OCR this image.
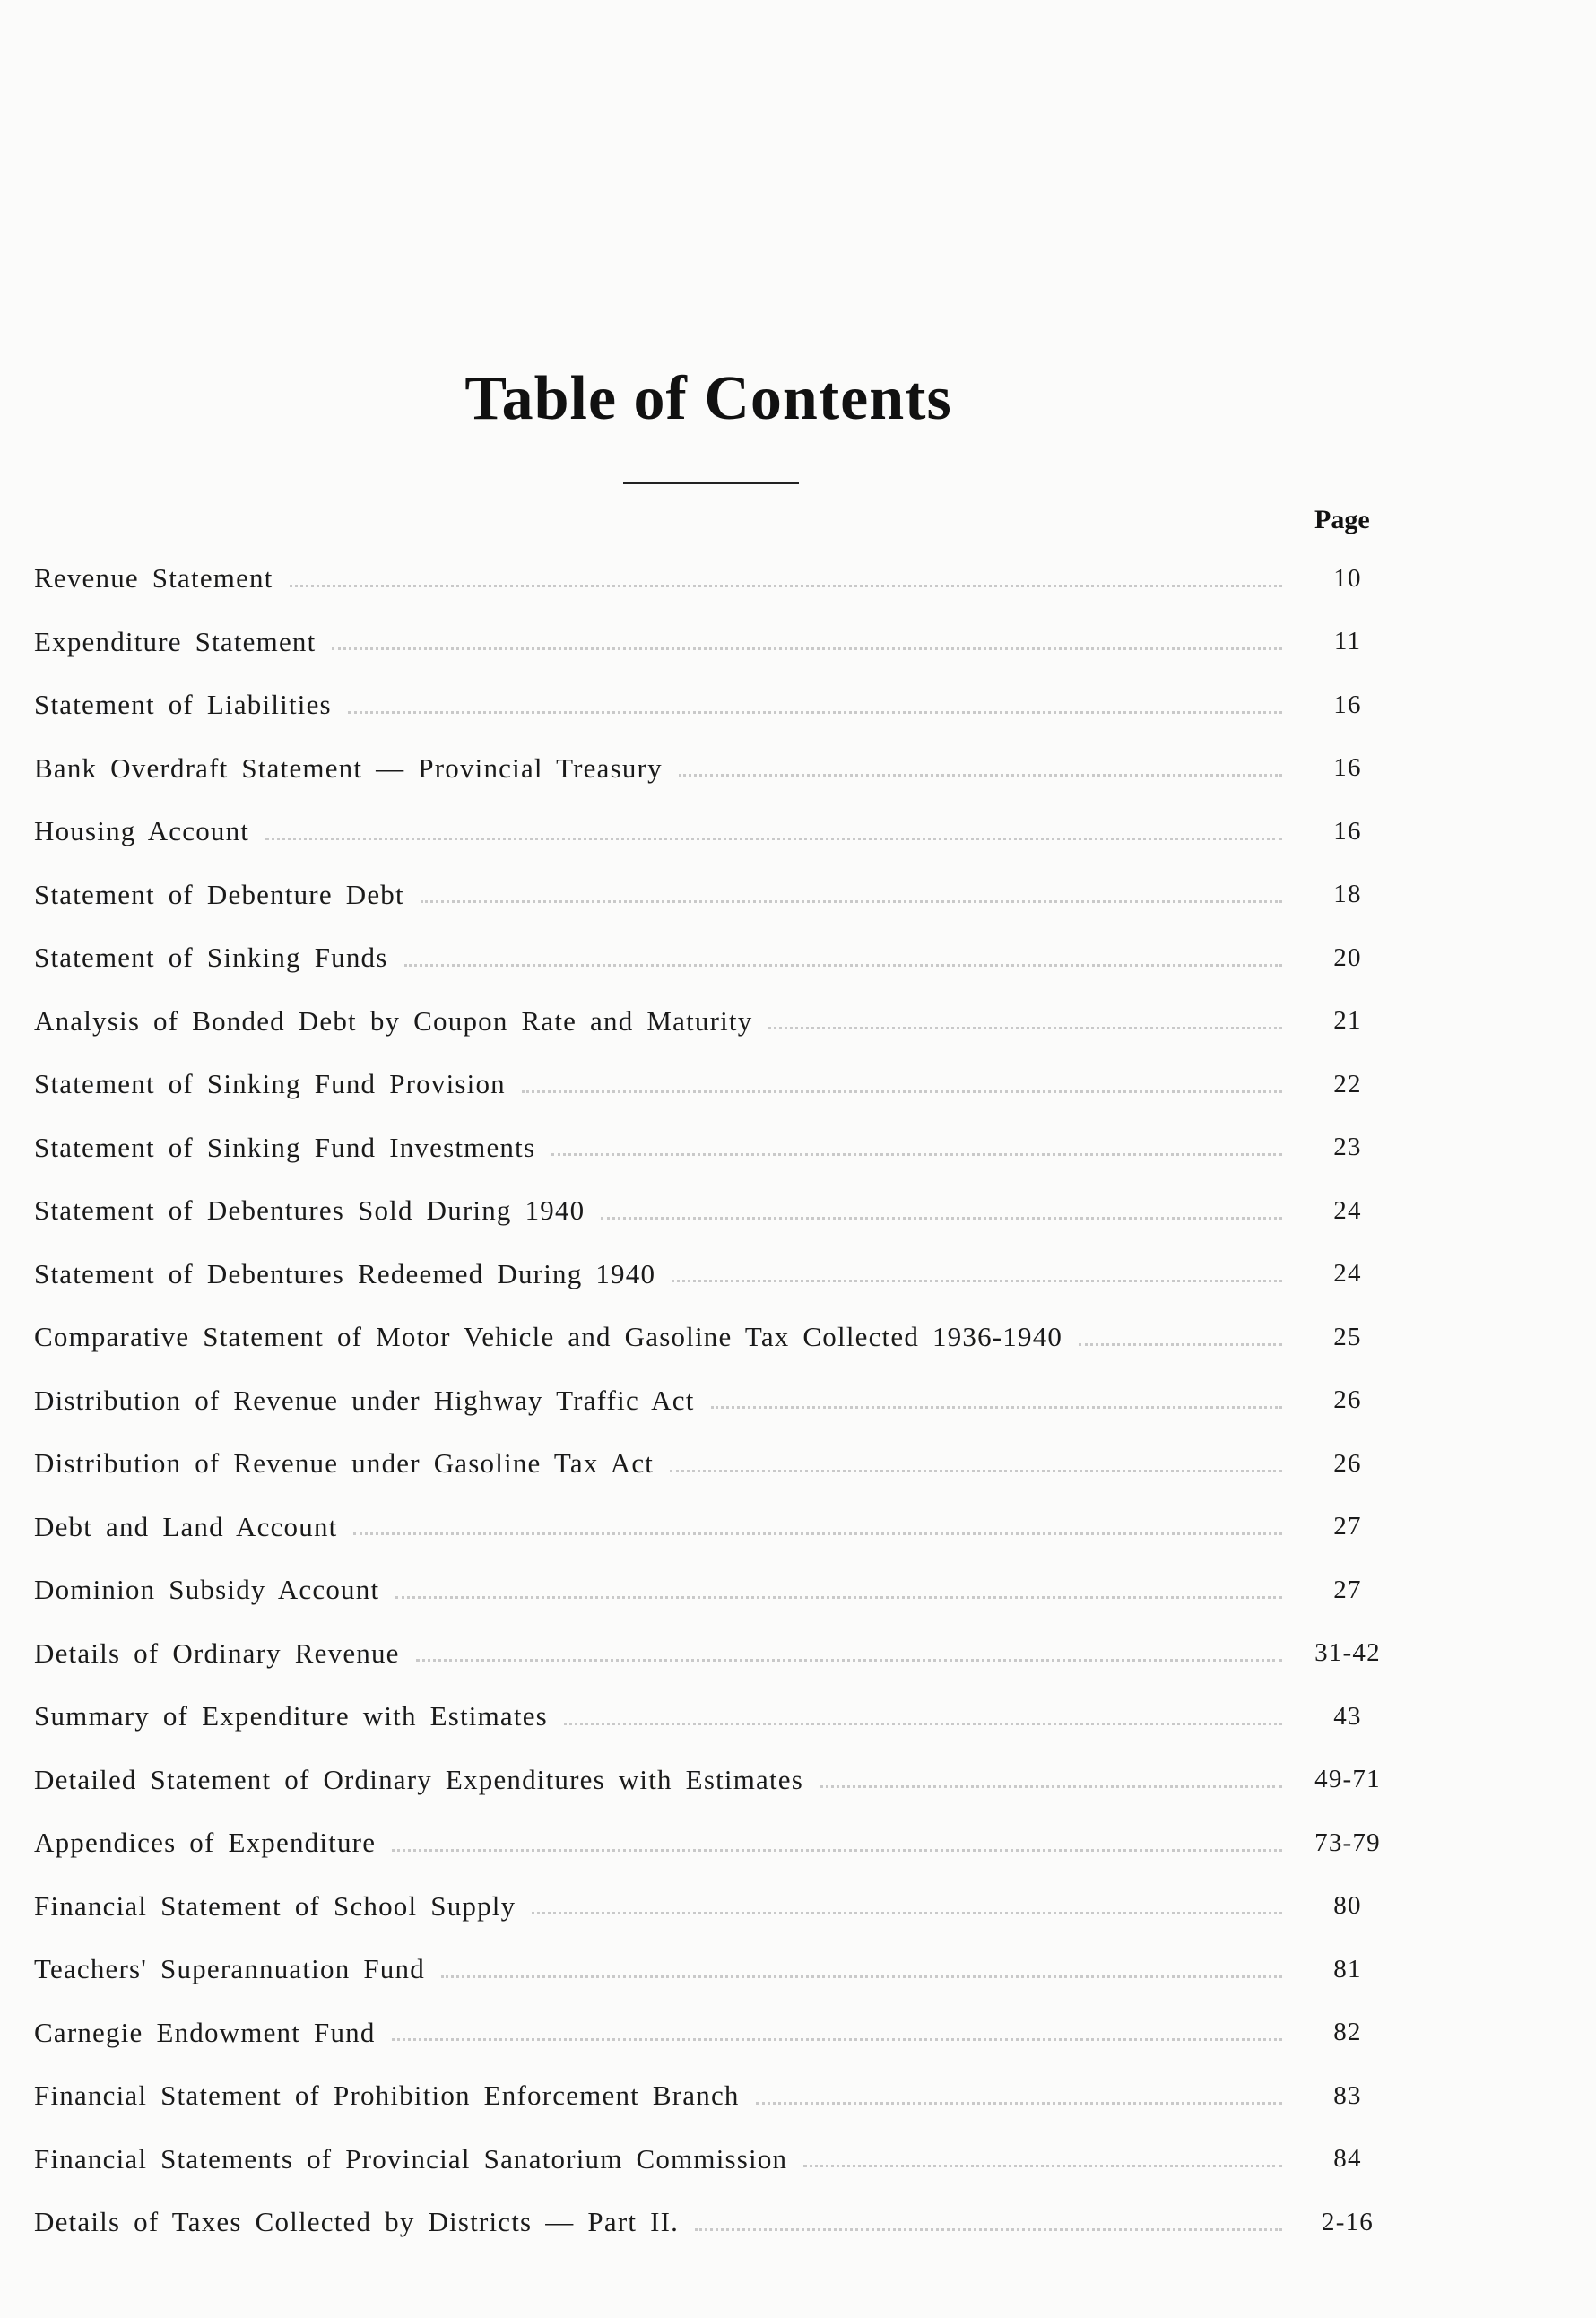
Table of Contents
Page
Revenue Statement	10
Expenditure Statement	11
Statement of Liabilities	16
Bank Overdraft Statement — Provincial Treasury	16
Housing Account	16
Statement of Debenture Debt	18
Statement of Sinking Funds	20
Analysis of Bonded Debt by Coupon Rate and Maturity	21
Statement of Sinking Fund Provision	22
Statement of Sinking Fund Investments	23
Statement of Debentures Sold During 1940	24
Statement of Debentures Redeemed During 1940	24
Comparative Statement of Motor Vehicle and Gasoline Tax Collected 1936-1940	25
Distribution of Revenue under Highway Traffic Act	26
Distribution of Revenue under Gasoline Tax Act	26
Debt and Land Account	27
Dominion Subsidy Account	27
Details of Ordinary Revenue	31-42
Summary of Expenditure with Estimates	43
Detailed Statement of Ordinary Expenditures with Estimates	49-71
Appendices of Expenditure	73-79
Financial Statement of School Supply	80
Teachers' Superannuation Fund	81
Carnegie Endowment Fund	82
Financial Statement of Prohibition Enforcement Branch	83
Financial Statements of Provincial Sanatorium Commission	84
Details of Taxes Collected by Districts — Part II.	2-16
